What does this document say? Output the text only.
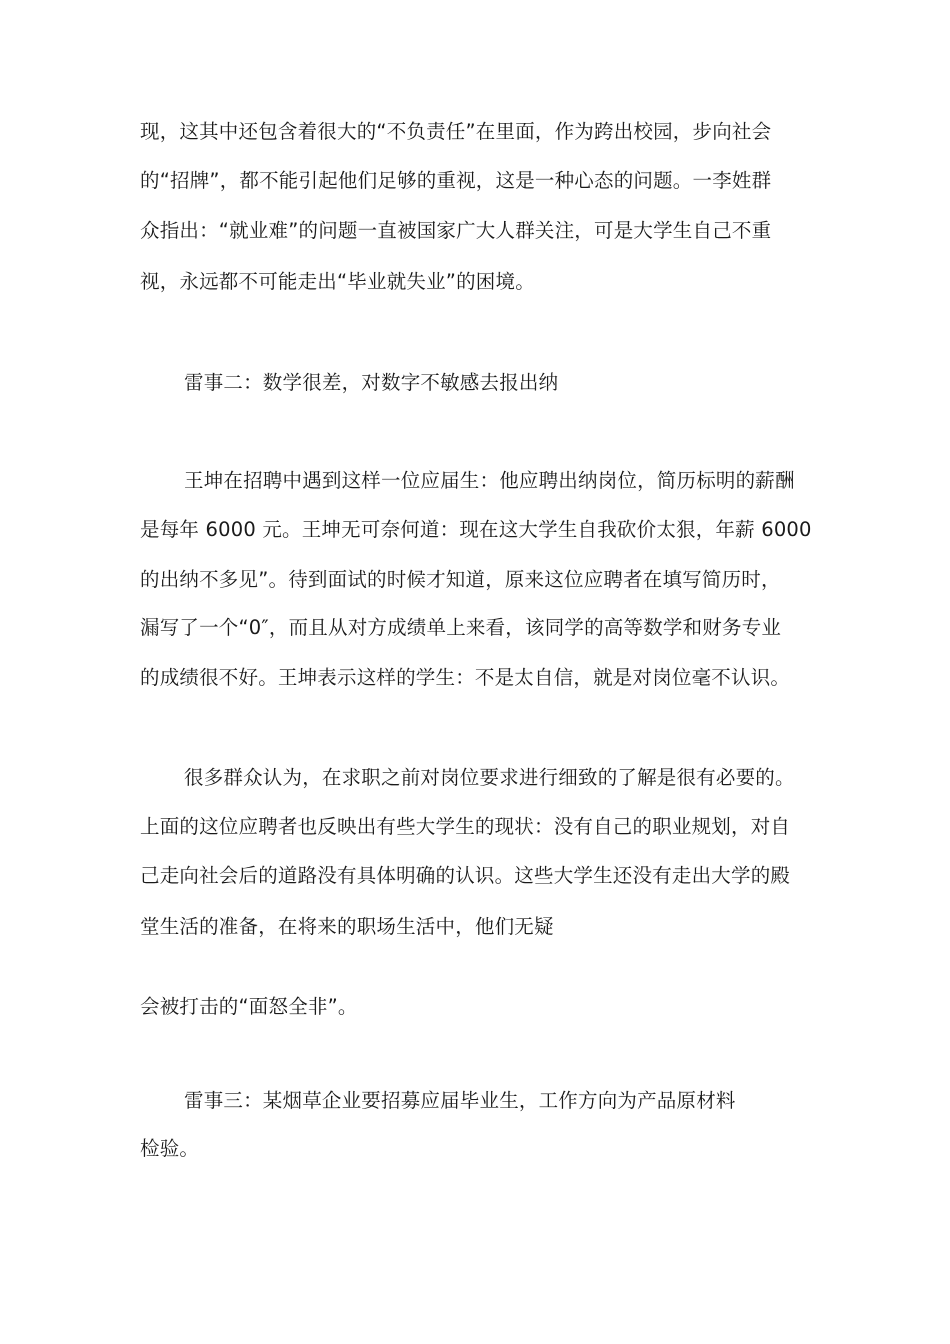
现，这其中还包含着很大的“不负责任”在里面，作为跨出校园，步向社会
的“招牌”，都不能引起他们足够的重视，这是一种心态的问题。一李姓群
众指出：“就业难”的问题一直被国家广大人群关注，可是大学生自己不重
视，永远都不可能走出“毕业就失业”的困境。
雷事二：数学很差，对数字不敏感去报出纳
王坤在招聘中遇到这样一位应届生：他应聘出纳岗位，简历标明的薪酬
是每年 6000 元。王坤无可奈何道：现在这大学生自我砍价太狠，年薪 6000
的出纳不多见”。待到面试的时候才知道，原来这位应聘者在填写简历时，
漏写了一个“0″，而且从对方成绩单上来看，该同学的高等数学和财务专业
的成绩很不好。王坤表示这样的学生：不是太自信，就是对岗位毫不认识。
很多群众认为，在求职之前对岗位要求进行细致的了解是很有必要的。
上面的这位应聘者也反映出有些大学生的现状：没有自己的职业规划，对自
己走向社会后的道路没有具体明确的认识。这些大学生还没有走出大学的殿
堂生活的准备，在将来的职场生活中，他们无疑
会被打击的“面怒全非”。
雷事三：某烟草企业要招募应届毕业生，工作方向为产品原材料
检验。
